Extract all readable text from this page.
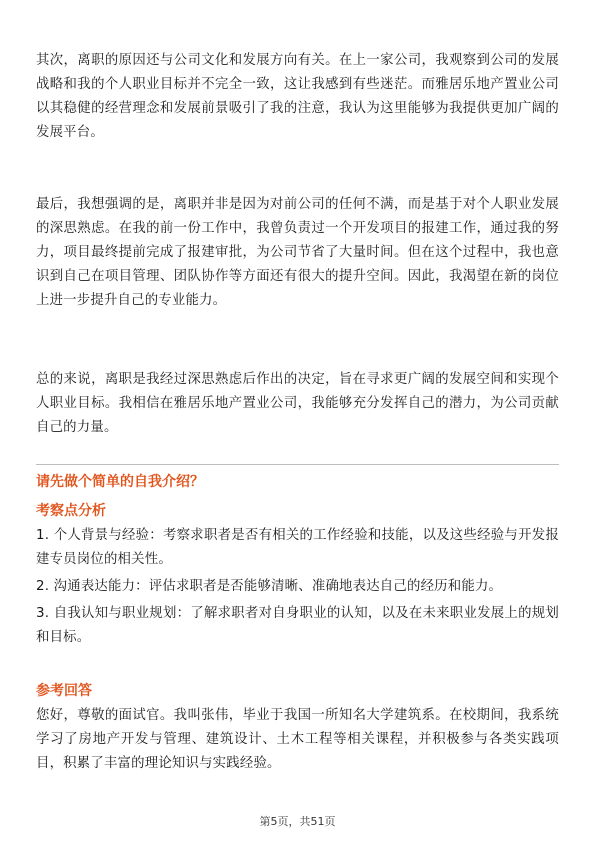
其次，离职的原因还与公司文化和发展方向有关。在上一家公司，我观察到公司的发展战略和我的个人职业目标并不完全一致，这让我感到有些迷茫。而雅居乐地产置业公司以其稳健的经营理念和发展前景吸引了我的注意，我认为这里能够为我提供更加广阔的发展平台。

最后，我想强调的是，离职并非是因为对前公司的任何不满，而是基于对个人职业发展的深思熟虑。在我的前一份工作中，我曾负责过一个开发项目的报建工作，通过我的努力，项目最终提前完成了报建审批，为公司节省了大量时间。但在这个过程中，我也意识到自己在项目管理、团队协作等方面还有很大的提升空间。因此，我渴望在新的岗位上进一步提升自己的专业能力。

总的来说，离职是我经过深思熟虑后作出的决定，旨在寻求更广阔的发展空间和实现个人职业目标。我相信在雅居乐地产置业公司，我能够充分发挥自己的潜力，为公司贡献自己的力量。

请先做个简单的自我介绍？

考察点分析

1. 个人背景与经验：考察求职者是否有相关的工作经验和技能，以及这些经验与开发报建专员岗位的相关性。
2. 沟通表达能力：评估求职者是否能够清晰、准确地表达自己的经历和能力。
3. 自我认知与职业规划：了解求职者对自身职业的认知，以及在未来职业发展上的规划和目标。

参考回答

您好，尊敬的面试官。我叫张伟，毕业于我国一所知名大学建筑系。在校期间，我系统学习了房地产开发与管理、建筑设计、土木工程等相关课程，并积极参与各类实践项目，积累了丰富的理论知识与实践经验。

第5页，共51页
